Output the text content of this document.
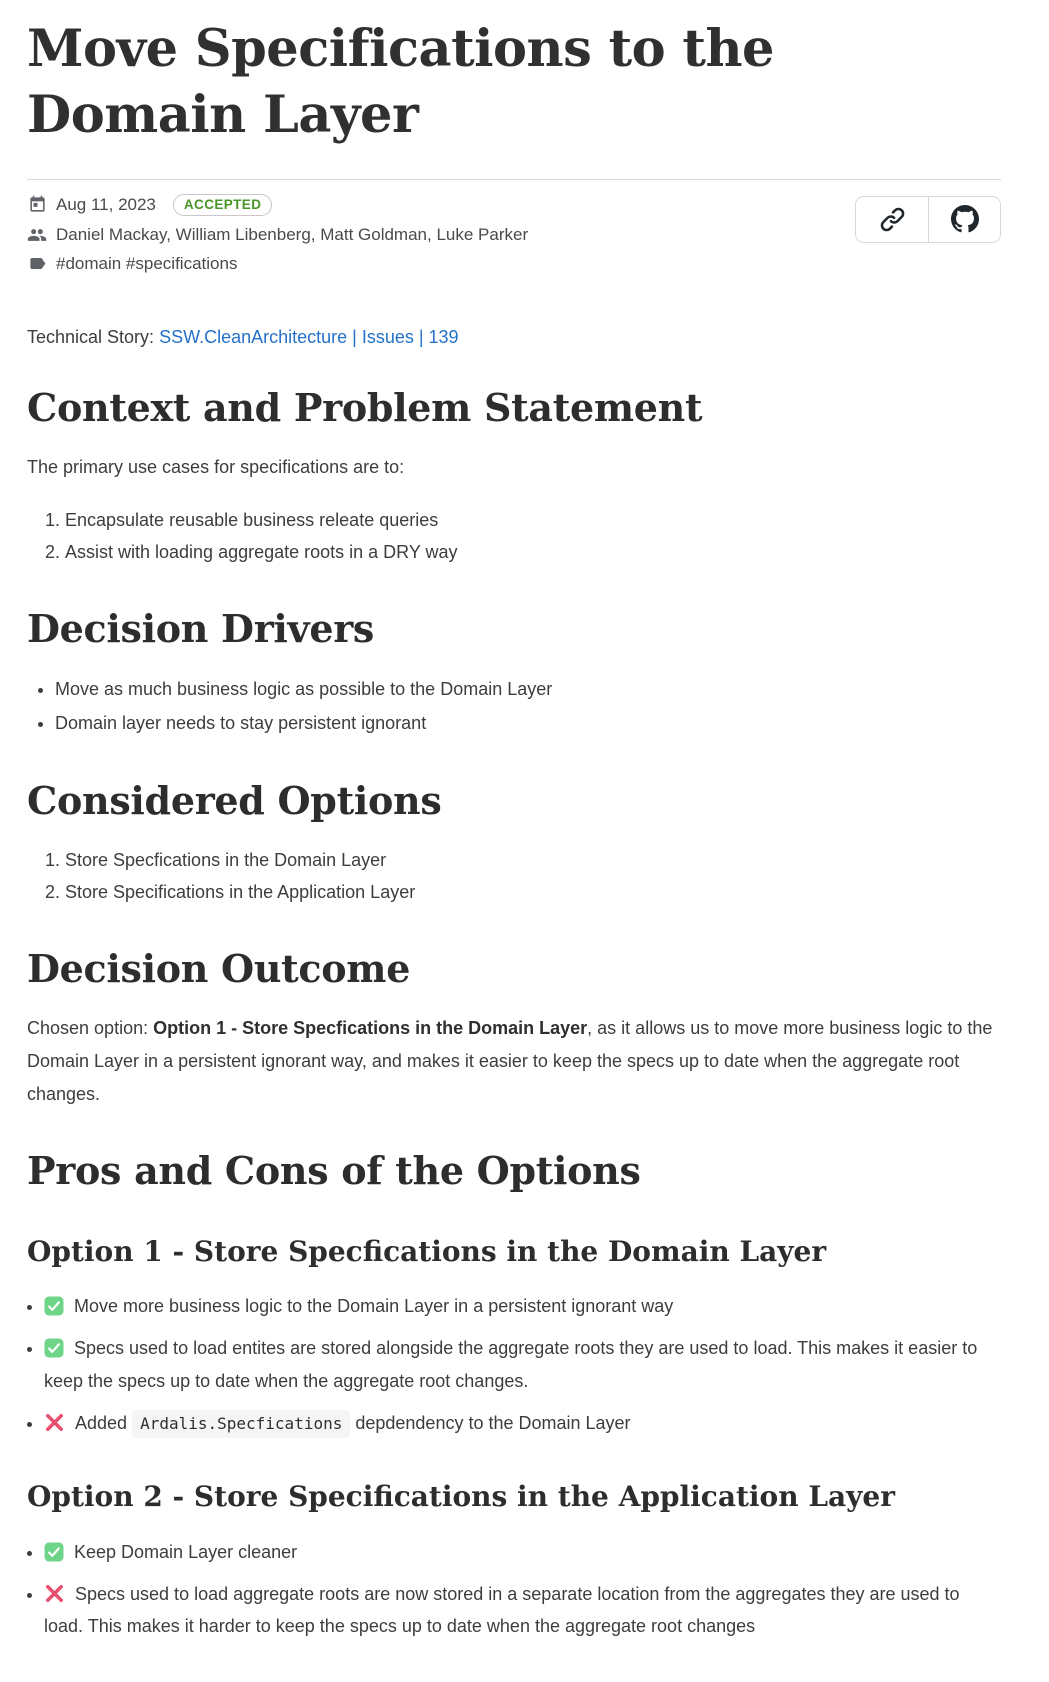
Move Specifications to the Domain Layer
Aug 11, 2023	ACCEPTED
Daniel Mackay, William Libenberg, Matt Goldman, Luke Parker
#domain #specifications

Technical Story: SSW.CleanArchitecture | Issues | 139

Context and Problem Statement

The primary use cases for specifications are to:

1. Encapsulate reusable business releate queries
2. Assist with loading aggregate roots in a DRY way
Decision Drivers
• Move as much business logic as possible to the Domain Layer
• Domain layer needs to stay persistent ignorant
Considered Options
1. Store Specfications in the Domain Layer
2. Store Specifications in the Application Layer
Decision Outcome

Chosen option: Option 1 - Store Specfications in the Domain Layer, as it allows us to move more business logic to the Domain Layer in a persistent ignorant way, and makes it easier to keep the specs up to date when the aggregate root changes.

Pros and Cons of the Options
Option 1 - Store Specfications in the Domain Layer
• Move more business logic to the Domain Layer in a persistent ignorant way
• Specs used to load entites are stored alongside the aggregate roots they are used to load. This makes it easier to keep the specs up to date when the aggregate root changes.
• Added Ardalis.Specfications depdendency to the Domain Layer
Option 2 - Store Specifications in the Application Layer
• Keep Domain Layer cleaner
• Specs used to load aggregate roots are now stored in a separate location from the aggregates they are used to load. This makes it harder to keep the specs up to date when the aggregate root changes
